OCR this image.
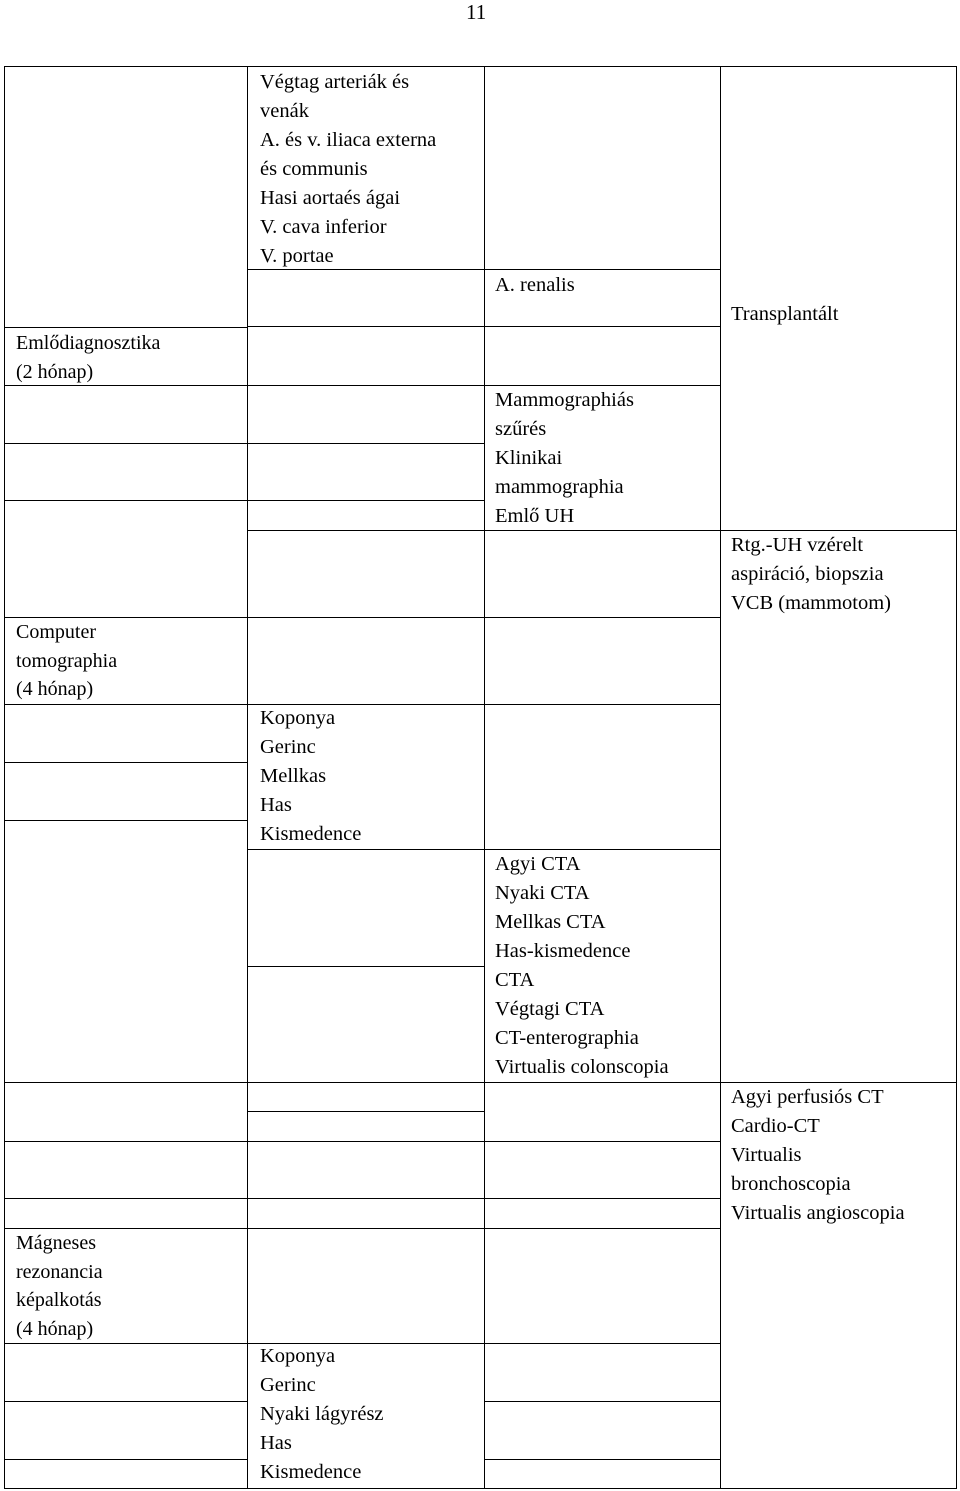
11
Emlődiagnosztika
(2 hónap)
Computer
tomographia
(4 hónap)
Mágneses
rezonancia
képalkotás
(4 hónap)
Végtag arteriák és
venák
A. és v. iliaca externa
és communis
Hasi aortaés ágai
V. cava inferior
V. portae
Koponya
Gerinc
Mellkas
Has
Kismedence
Koponya
Gerinc
Nyaki lágyrész
Has
Kismedence
A. renalis
Mammographiás
szűrés
Klinikai
mammographia
Emlő UH
Agyi CTA
Nyaki CTA
Mellkas CTA
Has-kismedence
CTA
Végtagi CTA
CT-enterographia
Virtualis colonscopia
Transplantált
Rtg.-UH vzérelt
aspiráció, biopszia
VCB (mammotom)
Agyi perfusiós CT
Cardio-CT
Virtualis
bronchoscopia
Virtualis angioscopia
